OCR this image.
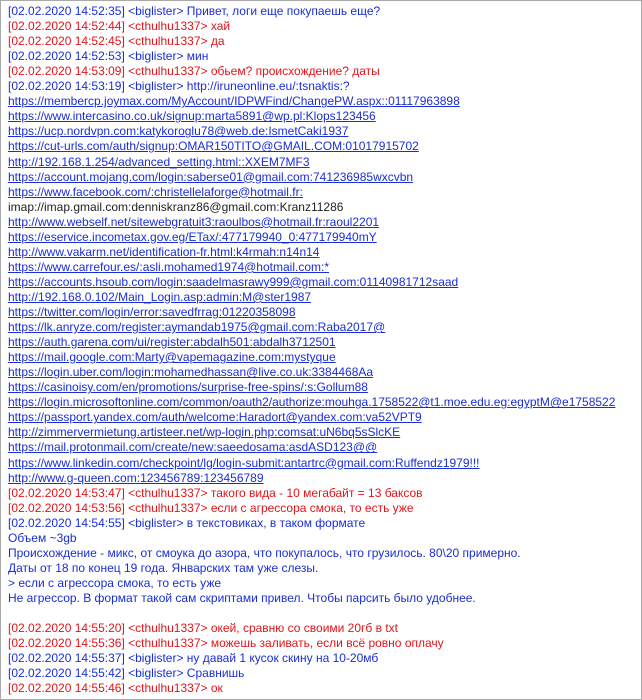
[02.02.2020 14:52:35] <biglister> Привет, логи еще покупаешь еще?
[02.02.2020 14:52:44] <cthulhu1337> хай
[02.02.2020 14:52:45] <cthulhu1337> да
[02.02.2020 14:52:53] <biglister> мин
[02.02.2020 14:53:09] <cthulhu1337> обьем? происхождение? даты
[02.02.2020 14:53:19] <biglister> http://iruneonline.eu/:tsnaktis:?
https://membercp.joymax.com/MyAccount/IDPWFind/ChangePW.aspx::01117963898
https://www.intercasino.co.uk/signup:marta5891@wp.pl:Klops123456
https://ucp.nordvpn.com:katykoroglu78@web.de:IsmetCaki1937
https://cut-urls.com/auth/signup:OMAR150TITO@GMAIL.COM:01017915702
http://192.168.1.254/advanced_setting.html::XXEM7MF3
https://account.mojang.com/login:saberse01@gmail.com:741236985wxcvbn
https://www.facebook.com/:christellelaforge@hotmail.fr:
imap://imap.gmail.com:denniskranz86@gmail.com:Kranz11286
http://www.webself.net/sitewebgratuit3:raoulbos@hotmail.fr:raoul2201
https://eservice.incometax.gov.eg/ETax/:477179940_0:477179940mY
http://www.vakarm.net/identification-fr.html:k4rmah:n14n14
https://www.carrefour.es/:asli.mohamed1974@hotmail.com:*
https://accounts.hsoub.com/login:saadelmasrawy999@gmail.com:01140981712saad
http://192.168.0.102/Main_Login.asp:admin:M@ster1987
https://twitter.com/login/error:savedfrrag:01220358098
https://lk.anryze.com/register:aymandab1975@gmail.com:Raba2017@
https://auth.garena.com/ui/register:abdalh501:abdalh3712501
https://mail.google.com:Marty@vapemagazine.com:mystyque
https://login.uber.com/login:mohamedhassan@live.co.uk:3384468Aa
https://casinoisy.com/en/promotions/surprise-free-spins/:s:Gollum88
https://login.microsoftonline.com/common/oauth2/authorize:mouhga.1758522@t1.moe.edu.eg:egyptM@e1758522
https://passport.yandex.com/auth/welcome:Haradort@yandex.com:va52VPT9
http://zimmervermietung.artisteer.net/wp-login.php:comsat:uN6bq5sSlcKE
https://mail.protonmail.com/create/new:saeedosama:asdASD123@@
https://www.linkedin.com/checkpoint/lg/login-submit:antartrc@gmail.com:Ruffendz1979!!!
http://www.g-queen.com:123456789:123456789
[02.02.2020 14:53:47] <cthulhu1337> такого вида - 10 мегабайт = 13 баксов
[02.02.2020 14:53:56] <cthulhu1337> если с агрессора смока, то есть уже
[02.02.2020 14:54:55] <biglister> в текстовиках, в таком формате
Объем ~3gb
Происхождение - микс, от смоука до азора, что покупалось, что грузилось. 80\20 примерно.
Даты от 18 по конец 19 года. Январских там уже слезы.
> если с агрессора смока, то есть уже
Не агрессор. В формат такой сам скриптами привел. Чтобы парсить было удобнее.
[02.02.2020 14:55:20] <cthulhu1337> окей, сравню со своими 20гб в txt
[02.02.2020 14:55:36] <cthulhu1337> можешь заливать, если всё ровно оплачу
[02.02.2020 14:55:37] <biglister> ну давай 1 кусок скину на 10-20мб
[02.02.2020 14:55:42] <biglister> Сравнишь
[02.02.2020 14:55:46] <cthulhu1337> ок
